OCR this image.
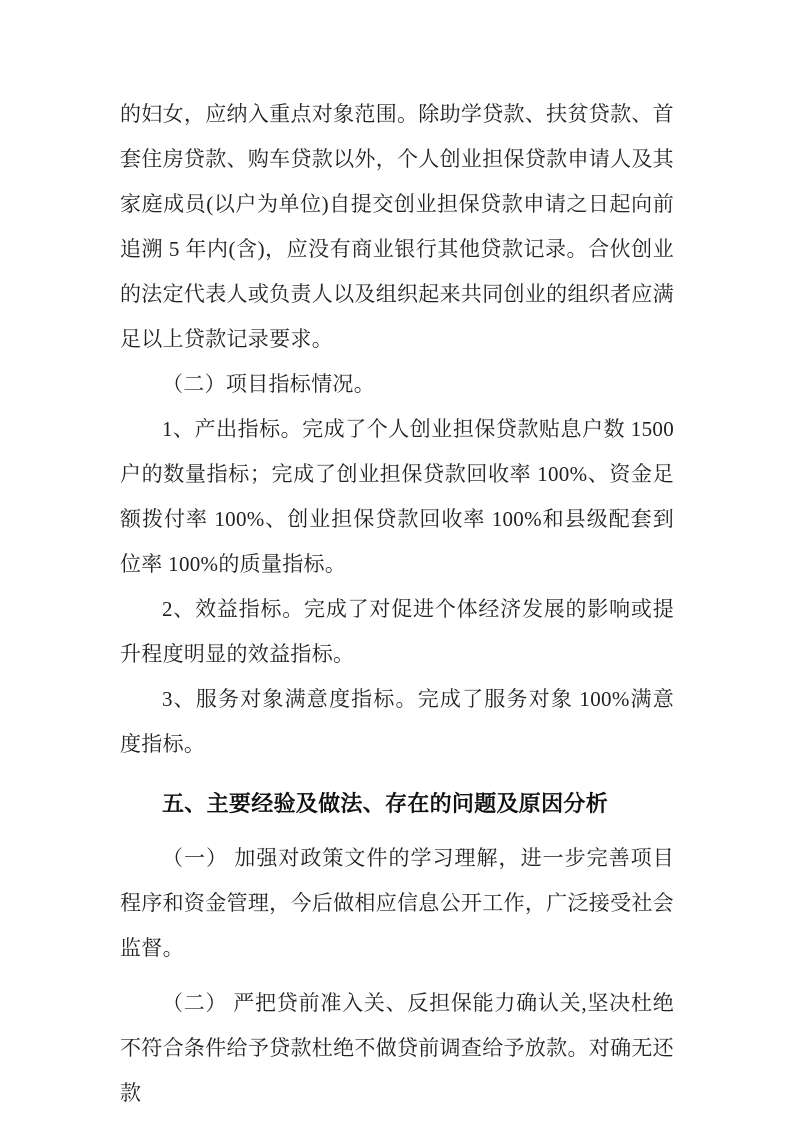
的妇女，应纳入重点对象范围。除助学贷款、扶贫贷款、首套住房贷款、购车贷款以外，个人创业担保贷款申请人及其家庭成员(以户为单位)自提交创业担保贷款申请之日起向前追溯 5 年内(含)，应没有商业银行其他贷款记录。合伙创业的法定代表人或负责人以及组织起来共同创业的组织者应满足以上贷款记录要求。

（二）项目指标情况。

1、产出指标。完成了个人创业担保贷款贴息户数 1500 户的数量指标；完成了创业担保贷款回收率 100%、资金足额拨付率 100%、创业担保贷款回收率 100%和县级配套到位率 100%的质量指标。

2、效益指标。完成了对促进个体经济发展的影响或提升程度明显的效益指标。

3、服务对象满意度指标。完成了服务对象 100%满意度指标。

五、主要经验及做法、存在的问题及原因分析

（一） 加强对政策文件的学习理解，进一步完善项目程序和资金管理，今后做相应信息公开工作，广泛接受社会监督。

（二） 严把贷前准入关、反担保能力确认关,坚决杜绝不符合条件给予贷款杜绝不做贷前调查给予放款。对确无还款
